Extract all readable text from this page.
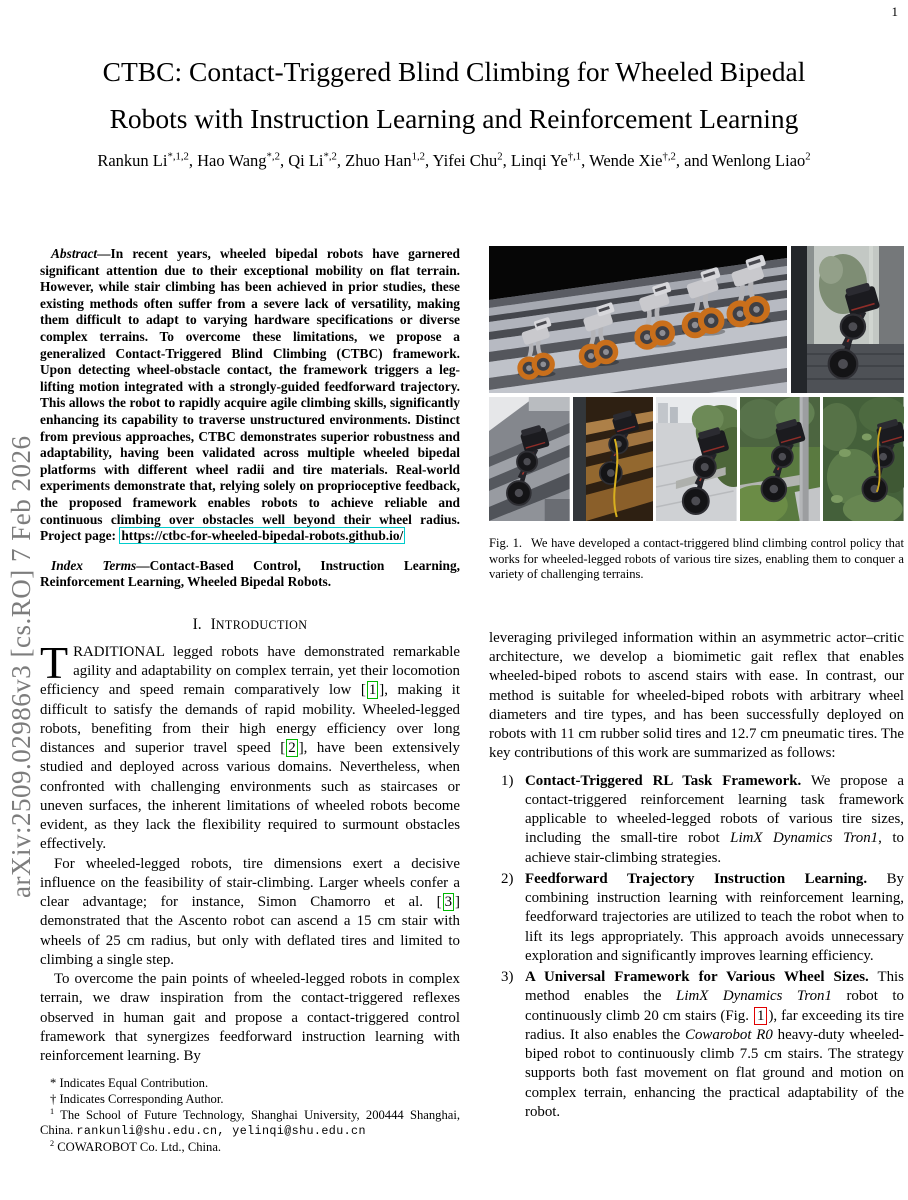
1
arXiv:2509.02986v3 [cs.RO] 7 Feb 2026
CTBC: Contact-Triggered Blind Climbing for Wheeled Bipedal
Robots with Instruction Learning and Reinforcement Learning
Rankun $Li^{*,1,2}$, Hao Wang$^{*,2}$, Qi $Li^{*,2}$, Zhuo Han$^{1,2}$, Yifei Chu$^2$, Linqi $Ye^{\dagger,1}$, Wende Xie$^{\dagger,2}$, and Wenlong Liao$^2$

Abstract—In recent years, wheeled bipedal robots have garnered significant attention due to their exceptional mobility on flat terrain. However, while stair climbing has been achieved in prior studies, these existing methods often suffer from a severe lack of versatility, making them difficult to adapt to varying hardware specifications or diverse complex terrains. To overcome these limitations, we propose a generalized Contact-Triggered Blind Climbing (CTBC) framework. Upon detecting wheel-obstacle contact, the framework triggers a leg-lifting motion integrated with a strongly-guided feedforward trajectory. This allows the robot to rapidly acquire agile climbing skills, significantly enhancing its capability to traverse unstructured environments. Distinct from previous approaches, CTBC demonstrates superior robustness and adaptability, having been validated across multiple wheeled bipedal platforms with different wheel radii and tire materials. Real-world experiments demonstrate that, relying solely on proprioceptive feedback, the proposed framework enables robots to achieve reliable and continuous climbing over obstacles well beyond their wheel radius. Project page: https://ctbc-for-wheeled-bipedal-robots.github.io/

Index Terms—Contact-Based Control, Instruction Learning, Reinforcement Learning, Wheeled Bipedal Robots.

I. INTRODUCTION

TRADITIONAL legged robots have demonstrated remarkable agility and adaptability on complex terrain, yet their locomotion efficiency and speed remain comparatively low [ 1 ], making it difficult to satisfy the demands of rapid mobility. Wheeled-legged robots, benefiting from their high energy efficiency over long distances and superior travel speed [ 2 ], have been extensively studied and deployed across various domains. Nevertheless, when confronted with challenging environments such as staircases or uneven surfaces, the inherent limitations of wheeled robots become evident, as they lack the flexibility required to surmount obstacles effectively.

For wheeled-legged robots, tire dimensions exert a decisive influence on the feasibility of stair-climbing. Larger wheels confer a clear advantage; for instance, Simon Chamorro et al. [ 3 ] demonstrated that the Ascento robot can ascend a 15 cm stair with wheels of 25 cm radius, but only with deflated tires and limited to climbing a single step.

To overcome the pain points of wheeled-legged robots in complex terrain, we draw inspiration from the contact-triggered reflexes observed in human gait and propose a contact-triggered control framework that synergizes feedforward instruction learning with reinforcement learning. By

* Indicates Equal Contribution.

† Indicates Corresponding Author.

$^1$ The School of Future Technology, Shanghai University, 200444 Shanghai, China. rankunli@shu.edu.cn, yelinqi@shu.edu.cn

$^2$ COWAROBOT Co. Ltd., China.

Fig. 1. We have developed a contact-triggered blind climbing control policy that works for wheeled-legged robots of various tire sizes, enabling them to conquer a variety of challenging terrains.

leveraging privileged information within an asymmetric actor–critic architecture, we develop a biomimetic gait reflex that enables wheeled-biped robots to ascend stairs with ease. In contrast, our method is suitable for wheeled-biped robots with arbitrary wheel diameters and tire types, and has been successfully deployed on robots with 11 cm rubber solid tires and 12.7 cm pneumatic tires. The key contributions of this work are summarized as follows:

1) Contact-Triggered RL Task Framework. We propose a contact-triggered reinforcement learning task framework applicable to wheeled-legged robots of various tire sizes, including the small-tire robot LimX Dynamics Tron1, to achieve stair-climbing strategies.
2) Feedforward Trajectory Instruction Learning. By combining instruction learning with reinforcement learning, feedforward trajectories are utilized to teach the robot when to lift its legs appropriately. This approach avoids unnecessary exploration and significantly improves learning efficiency.
3) A Universal Framework for Various Wheel Sizes. This method enables the LimX Dynamics Tron1 robot to continuously climb 20 cm stairs (Fig. 1 ), far exceeding its tire radius. It also enables the Cowarobot R0 heavy-duty wheeled-biped robot to continuously climb 7.5 cm stairs. The strategy supports both fast movement on flat ground and motion on complex terrain, enhancing the practical adaptability of the robot.
